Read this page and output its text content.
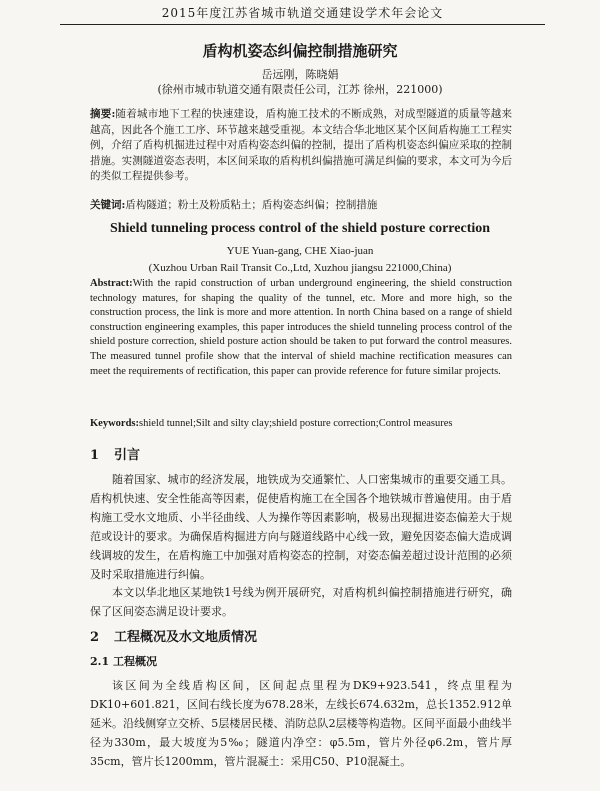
2015年度江苏省城市轨道交通建设学术年会论文
盾构机姿态纠偏控制措施研究
岳远刚，陈晓娟
(徐州市城市轨道交通有限责任公司，江苏 徐州，221000)
摘要:随着城市地下工程的快速建设，盾构施工技术的不断成熟，对成型隧道的质量等越来越高，因此各个施工工序、环节越来越受重视。本文结合华北地区某个区间盾构施工工程实例，介绍了盾构机掘进过程中对盾构姿态纠偏的控制，提出了盾构机姿态纠偏应采取的控制措施。实测隧道姿态表明，本区间采取的盾构机纠偏措施可满足纠偏的要求，本文可为今后的类似工程提供参考。
关键词:盾构隧道；粉土及粉质粘土；盾构姿态纠偏；控制措施
Shield tunneling process control of the shield posture correction
YUE Yuan-gang, CHE Xiao-juan
(Xuzhou Urban Rail Transit Co.,Ltd, Xuzhou jiangsu 221000,China)
Abstract:With the rapid construction of urban underground engineering, the shield construction technology matures, for shaping the quality of the tunnel, etc. More and more high, so the construction process, the link is more and more attention. In north China based on a range of shield construction engineering examples, this paper introduces the shield tunneling process control of the shield posture correction, shield posture action should be taken to put forward the control measures. The measured tunnel profile show that the interval of shield machine rectification measures can meet the requirements of rectification, this paper can provide reference for future similar projects.
Keywords:shield tunnel;Silt and silty clay;shield posture correction;Control measures
1 引言
随着国家、城市的经济发展，地铁成为交通繁忙、人口密集城市的重要交通工具。盾构机快速、安全性能高等因素，促使盾构施工在全国各个地铁城市普遍使用。由于盾构施工受水文地质、小半径曲线、人为操作等因素影响，极易出现掘进姿态偏差大于规范或设计的要求。为确保盾构掘进方向与隧道线路中心线一致，避免因姿态偏大造成调线调坡的发生，在盾构施工中加强对盾构姿态的控制，对姿态偏差超过设计范围的必须及时采取措施进行纠偏。
本文以华北地区某地铁1号线为例开展研究，对盾构机纠偏控制措施进行研究，确保了区间姿态满足设计要求。
2 工程概况及水文地质情况
2.1 工程概况
该区间为全线盾构区间，区间起点里程为DK9+923.541，终点里程为DK10+601.821，区间右线长度为678.28米，左线长674.632m，总长1352.912单延米。沿线侧穿立交桥、5层楼居民楼、消防总队2层楼等构造物。区间平面最小曲线半径为330m，最大坡度为5‰；隧道内净空：φ5.5m，管片外径φ6.2m，管片厚35cm，管片长1200mm，管片混凝土：采用C50、P10混凝土。
